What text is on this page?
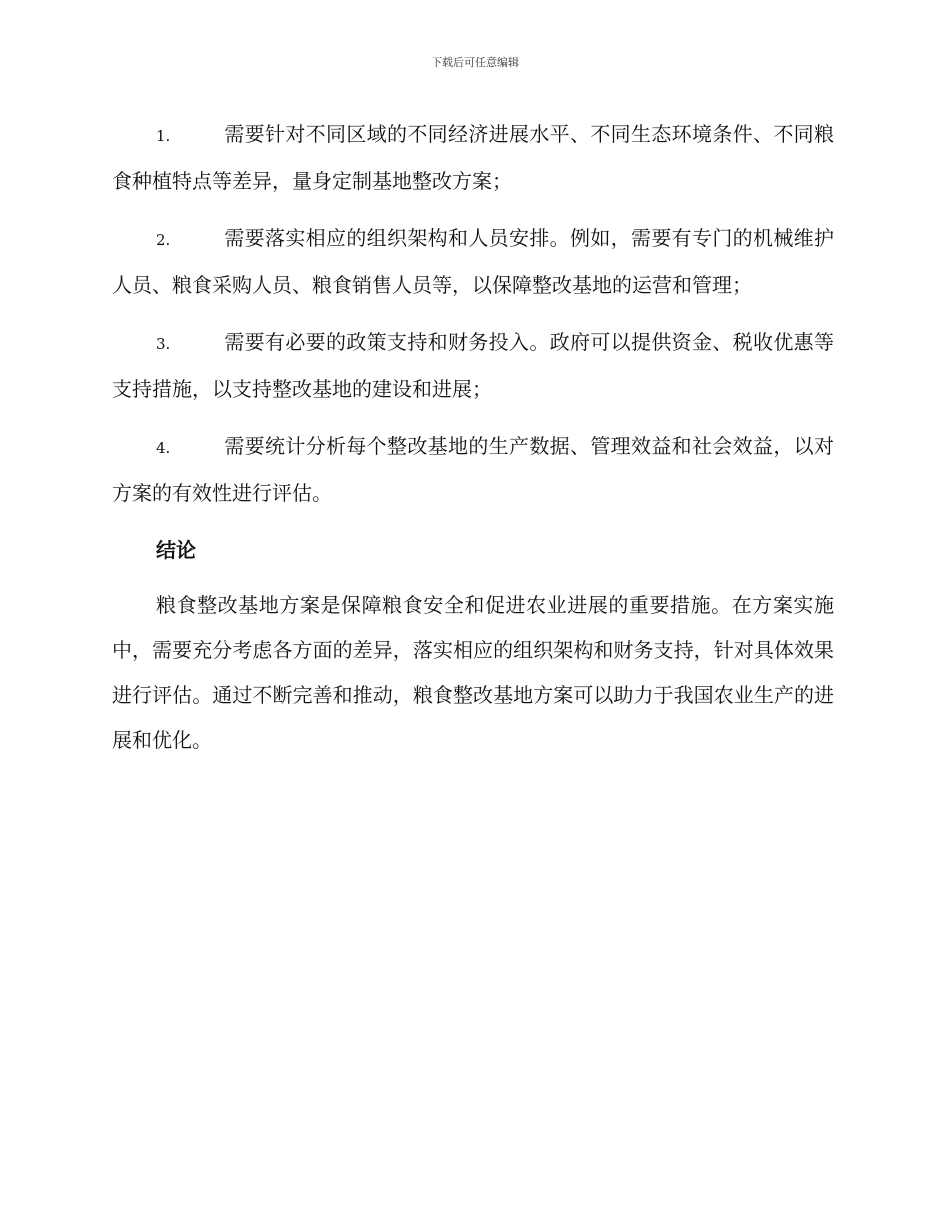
下载后可任意编辑

1.	需要针对不同区域的不同经济进展水平、不同生态环境条件、不同粮食种植特点等差异，量身定制基地整改方案；

2.	需要落实相应的组织架构和人员安排。例如，需要有专门的机械维护人员、粮食采购人员、粮食销售人员等，以保障整改基地的运营和管理；

3.	需要有必要的政策支持和财务投入。政府可以提供资金、税收优惠等支持措施，以支持整改基地的建设和进展；

4.	需要统计分析每个整改基地的生产数据、管理效益和社会效益，以对方案的有效性进行评估。

结论

粮食整改基地方案是保障粮食安全和促进农业进展的重要措施。在方案实施中，需要充分考虑各方面的差异，落实相应的组织架构和财务支持，针对具体效果进行评估。通过不断完善和推动，粮食整改基地方案可以助力于我国农业生产的进展和优化。
